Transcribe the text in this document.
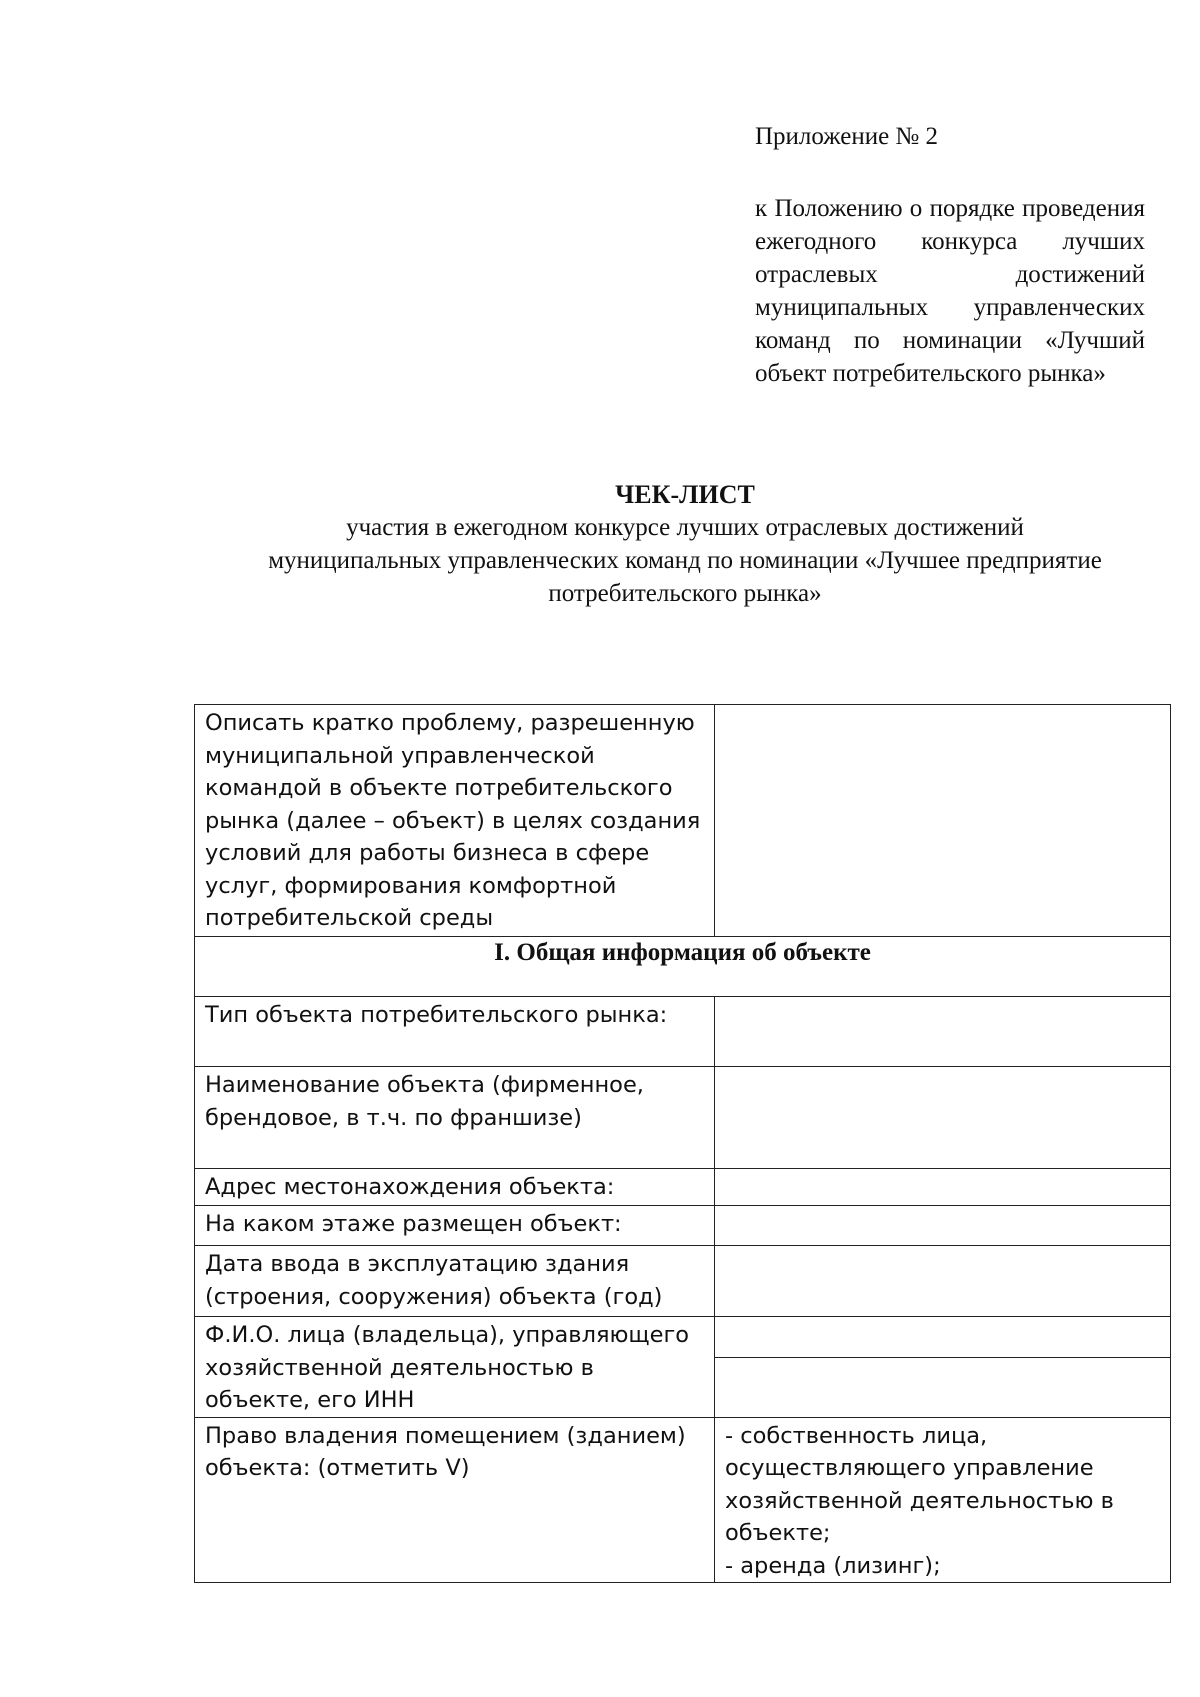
Приложение № 2

к Положению о порядке проведения ежегодного конкурса лучших отраслевых достижений муниципальных управленческих команд по номинации «Лучший объект потребительского рынка»

ЧЕК-ЛИСТ

участия в ежегодном конкурсе лучших отраслевых достижений

муниципальных управленческих команд по номинации «Лучшее предприятие

потребительского рынка»

Описать кратко проблему, разрешенную муниципальной управленческой командой в объекте потребительского рынка (далее – объект) в целях создания условий для работы бизнеса в сфере услуг, формирования комфортной потребительской среды	
I. Общая информация об объекте	
Тип объекта потребительского рынка:	
Наименование объекта (фирменное, брендовое, в т.ч. по франшизе)	
Адрес местонахождения объекта:	
На каком этаже размещен объект:	
Дата ввода в эксплуатацию здания (строения, сооружения) объекта (год)	
Ф.И.О. лица (владельца), управляющего хозяйственной деятельностью в объекте, его ИНН	

Право владения помещением (зданием) объекта: (отметить V)	- собственность лица, осуществляющего управление хозяйственной деятельностью в объекте;
- аренда (лизинг);
